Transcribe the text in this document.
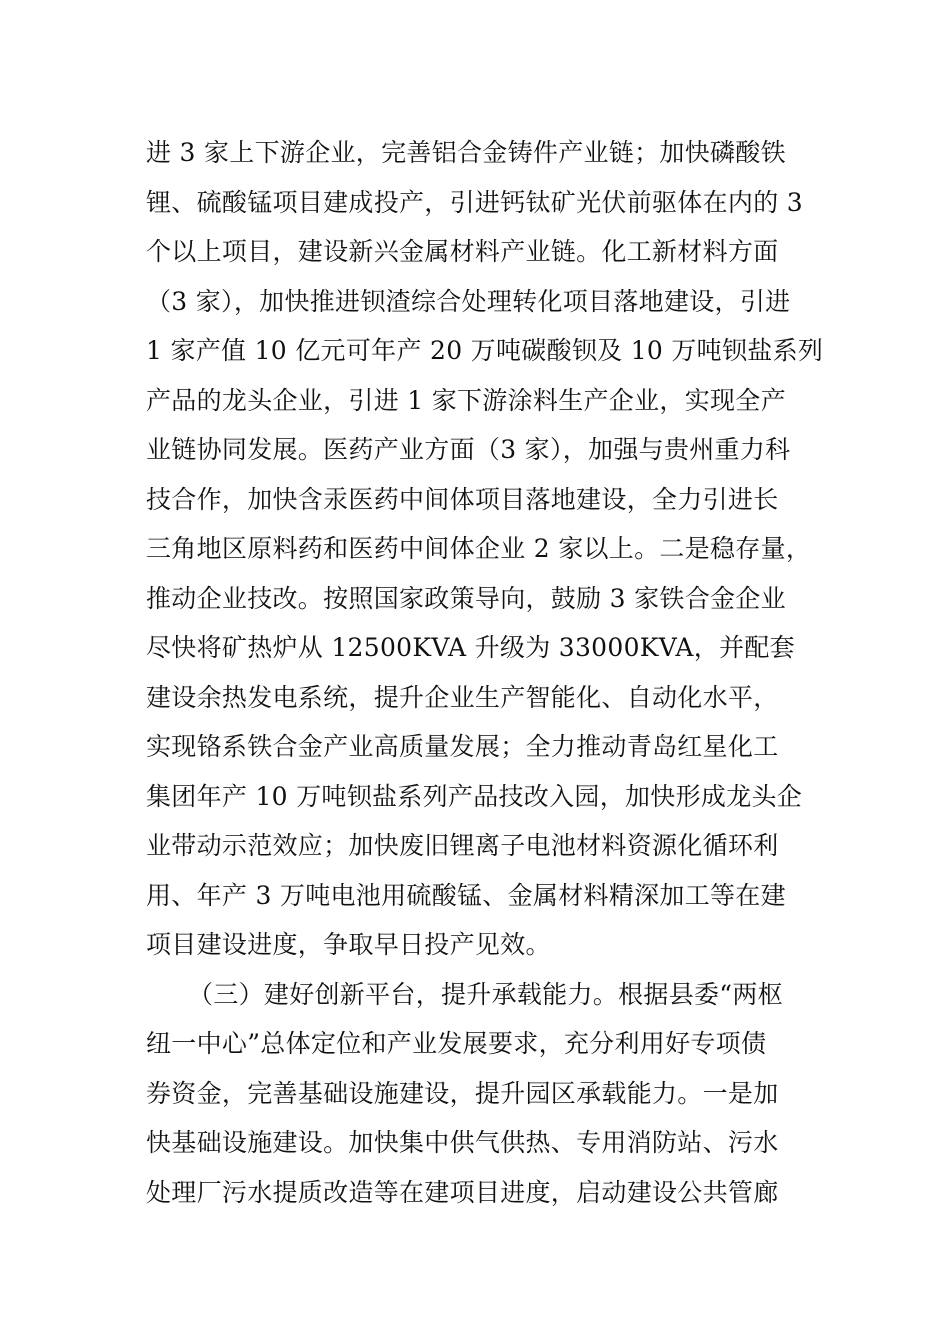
进 3 家上下游企业，完善铝合金铸件产业链；加快磷酸铁
锂、硫酸锰项目建成投产，引进钙钛矿光伏前驱体在内的 3
个以上项目，建设新兴金属材料产业链。化工新材料方面
（3 家），加快推进钡渣综合处理转化项目落地建设，引进
1 家产值 10 亿元可年产 20 万吨碳酸钡及 10 万吨钡盐系列
产品的龙头企业，引进 1 家下游涂料生产企业，实现全产
业链协同发展。医药产业方面（3 家），加强与贵州重力科
技合作，加快含汞医药中间体项目落地建设，全力引进长
三角地区原料药和医药中间体企业 2 家以上。二是稳存量，
推动企业技改。按照国家政策导向，鼓励 3 家铁合金企业
尽快将矿热炉从 12500KVA 升级为 33000KVA，并配套
建设余热发电系统，提升企业生产智能化、自动化水平，
实现铬系铁合金产业高质量发展；全力推动青岛红星化工
集团年产 10 万吨钡盐系列产品技改入园，加快形成龙头企
业带动示范效应；加快废旧锂离子电池材料资源化循环利
用、年产 3 万吨电池用硫酸锰、金属材料精深加工等在建
项目建设进度，争取早日投产见效。
（三）建好创新平台，提升承载能力。根据县委“两枢
纽一中心”总体定位和产业发展要求，充分利用好专项债
券资金，完善基础设施建设，提升园区承载能力。一是加
快基础设施建设。加快集中供气供热、专用消防站、污水
处理厂污水提质改造等在建项目进度，启动建设公共管廊
